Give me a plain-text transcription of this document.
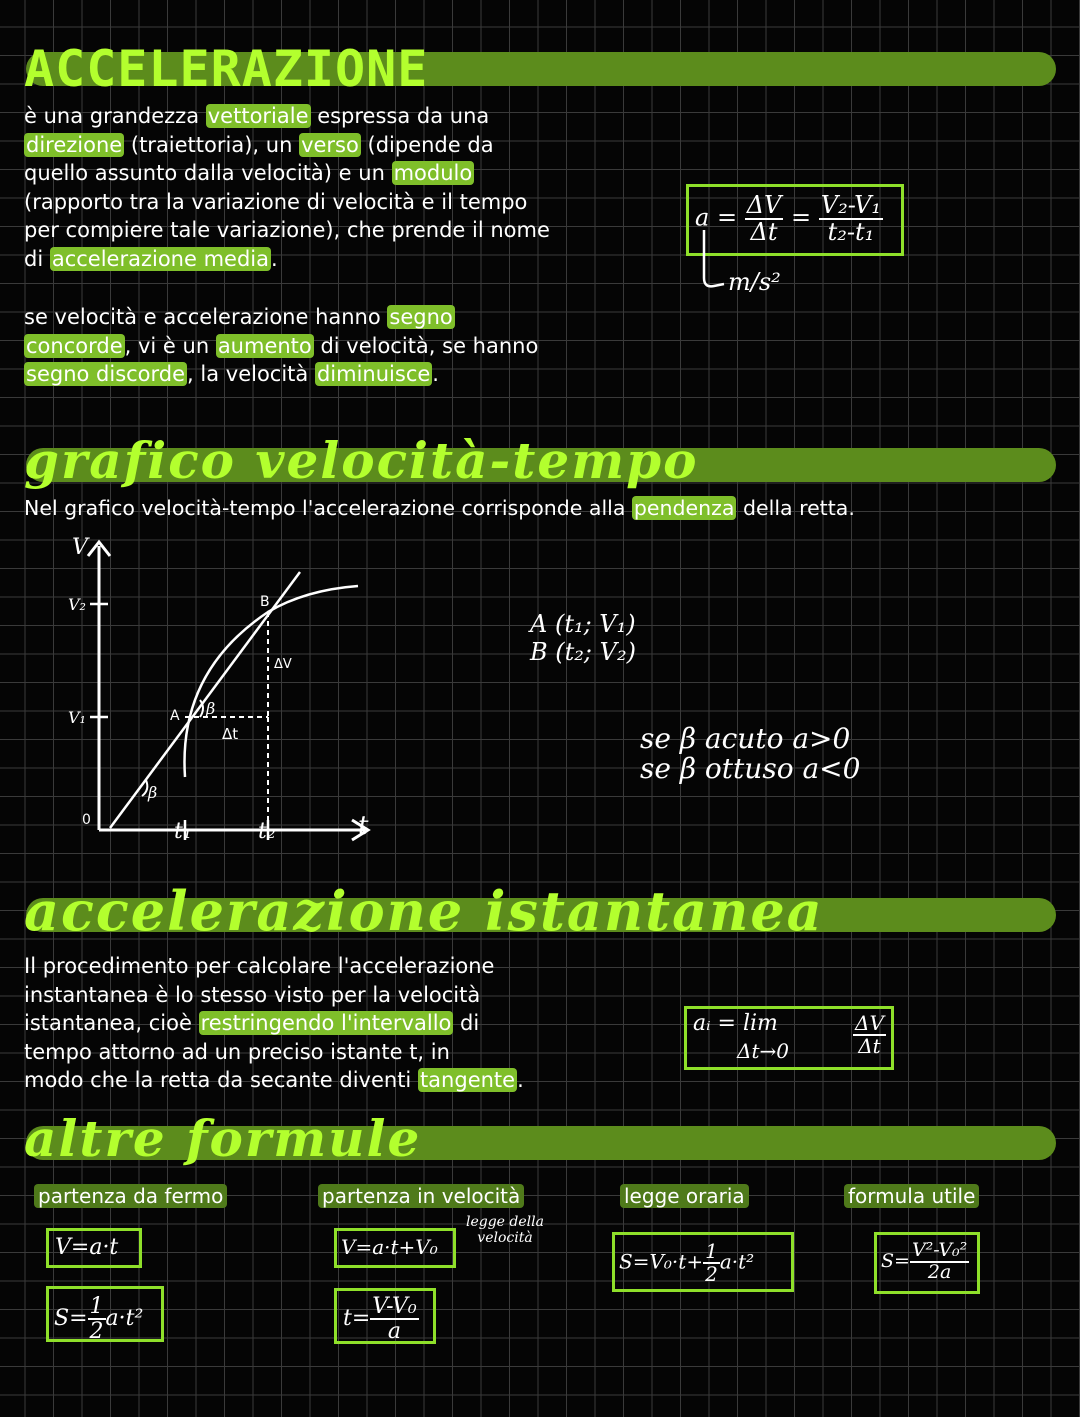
ACCELERAZIONE
è una grandezza vettoriale espressa da una
direzione (traiettoria), un verso (dipende da
quello assunto dalla velocità) e un modulo
(rapporto tra la variazione di velocità e il tempo
per compiere tale variazione), che prende il nome
di accelerazione media.
se velocità e accelerazione hanno segno
concorde, vi è un aumento di velocità, se hanno
segno discorde, la velocità diminuisce.
$a = \frac{\Delta V}{\Delta t} = \frac{\text{V₂-V₁}}{\text{t₂-t₁}}$
m/s²
grafico velocità-tempo
Nel grafico velocità-tempo l'accelerazione corrisponde alla pendenza della retta.
V
t
0
V₂
V₁
t₁	t₂
A
B
β
β
ΔV
Δt
A (t₁; V₁)
B (t₂; V₂)
se β acuto a>0
se β ottuso a<0
accelerazione istantanea
Il procedimento per calcolare l'accelerazione
instantanea è lo stesso visto per la velocità
istantanea, cioè restringendo l'intervallo di
tempo attorno ad un preciso istante t, in
modo che la retta da secante diventi tangente.
aᵢ = lim
Δt→0	$\frac{\Delta V}{\Delta t}$
altre formule
partenza da fermo
V=a·t
$S= \frac{1}{2} a\cdot t^2$
partenza in velocità
V=a·t+V₀
legge della velocità
$t= \frac{\text{V-V₀}}{a}$
legge oraria
$S=V_0\cdot t+ \frac{1}{2} a\cdot t^2$
formula utile
$S= \frac{\text{V²-V₀²}}{2a}$
